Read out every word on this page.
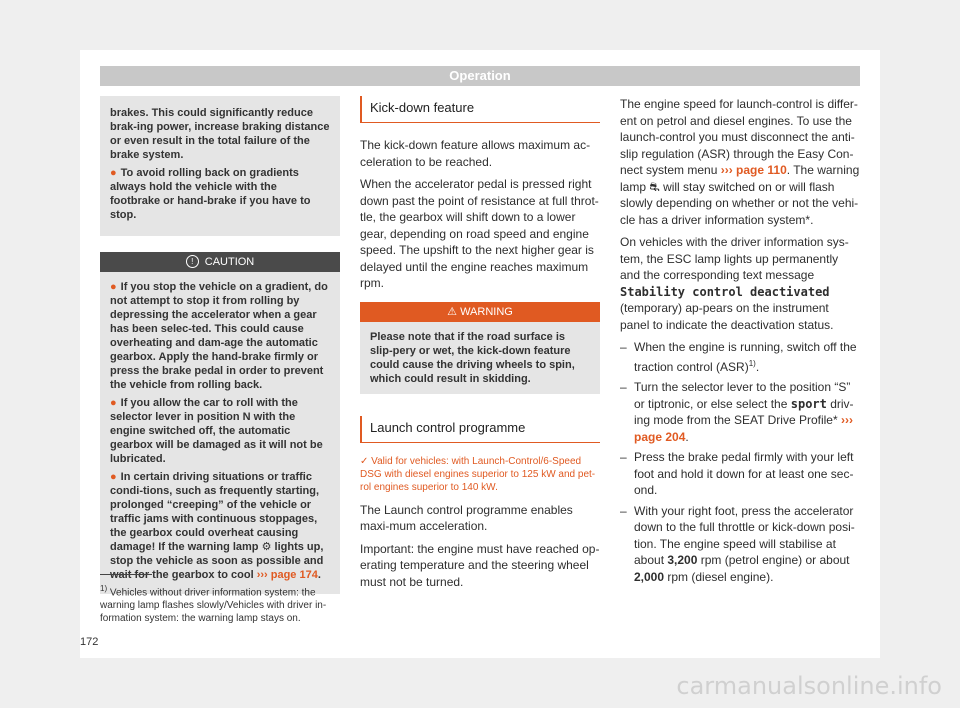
Operation

brakes. This could significantly reduce brak-ing power, increase braking distance or even result in the total failure of the brake system.

● To avoid rolling back on gradients always hold the vehicle with the footbrake or hand-brake if you have to stop.

! CAUTION

● If you stop the vehicle on a gradient, do not attempt to stop it from rolling by depressing the accelerator when a gear has been selec-ted. This could cause overheating and dam-age the automatic gearbox. Apply the hand-brake firmly or press the brake pedal in order to prevent the vehicle from rolling back.

● If you allow the car to roll with the selector lever in position N with the engine switched off, the automatic gearbox will be damaged as it will not be lubricated.

● In certain driving situations or traffic condi-tions, such as frequently starting, prolonged “creeping” of the vehicle or traffic jams with continuous stoppages, the gearbox could overheat causing damage! If the warning lamp ⚙ lights up, stop the vehicle as soon as possible and wait for the gearbox to cool ››› page 174.

Kick-down feature

The kick-down feature allows maximum ac-celeration to be reached.

When the accelerator pedal is pressed right down past the point of resistance at full throt-tle, the gearbox will shift down to a lower gear, depending on road speed and engine speed. The upshift to the next higher gear is delayed until the engine reaches maximum rpm.

⚠ WARNING
Please note that if the road surface is slip-pery or wet, the kick-down feature could cause the driving wheels to spin, which could result in skidding.
Launch control programme

✓ Valid for vehicles: with Launch-Control/6-Speed DSG with diesel engines superior to 125 kW and pet-rol engines superior to 140 kW.

The Launch control programme enables maxi-mum acceleration.

Important: the engine must have reached op-erating temperature and the steering wheel must not be turned.

The engine speed for launch-control is differ-ent on petrol and diesel engines. To use the launch-control you must disconnect the anti-slip regulation (ASR) through the Easy Con-nect system menu ››› page 110. The warning lamp ⛐ will stay switched on or will flash slowly depending on whether or not the vehi-cle has a driver information system*.

On vehicles with the driver information sys-tem, the ESC lamp lights up permanently and the corresponding text message Stability control deactivated (temporary) ap-pears on the instrument panel to indicate the deactivation status.

– When the engine is running, switch off the traction control (ASR)$^{1)}$.

– Turn the selector lever to the position “S” or tiptronic, or else select the sport driv-ing mode from the SEAT Drive Profile* ››› page 204.

– Press the brake pedal firmly with your left foot and hold it down for at least one sec-ond.

– With your right foot, press the accelerator down to the full throttle or kick-down posi-tion. The engine speed will stabilise at about 3,200 rpm (petrol engine) or about 2,000 rpm (diesel engine).

$^{1)}$ Vehicles without driver information system: the warning lamp flashes slowly/Vehicles with driver in-formation system: the warning lamp stays on.
172
carmanualsonline.info
